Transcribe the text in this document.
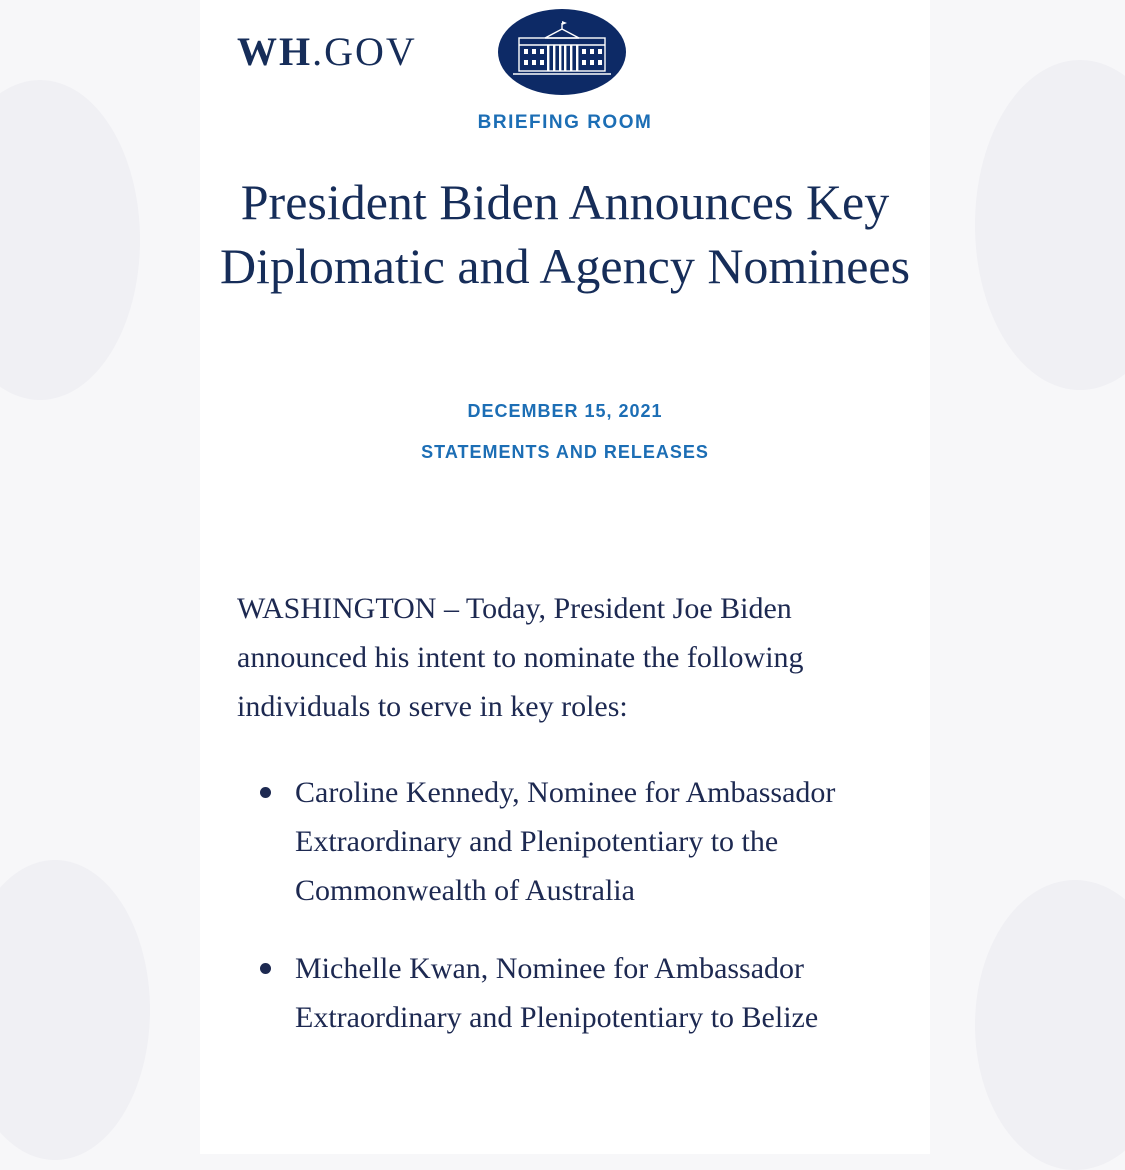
WH.GOV
BRIEFING ROOM
President Biden Announces Key Diplomatic and Agency Nominees
DECEMBER 15, 2021
STATEMENTS AND RELEASES

WASHINGTON – Today, President Joe Biden announced his intent to nominate the following individuals to serve in key roles:

Caroline Kennedy, Nominee for Ambassador Extraordinary and Plenipotentiary to the Commonwealth of Australia
Michelle Kwan, Nominee for Ambassador Extraordinary and Plenipotentiary to Belize
